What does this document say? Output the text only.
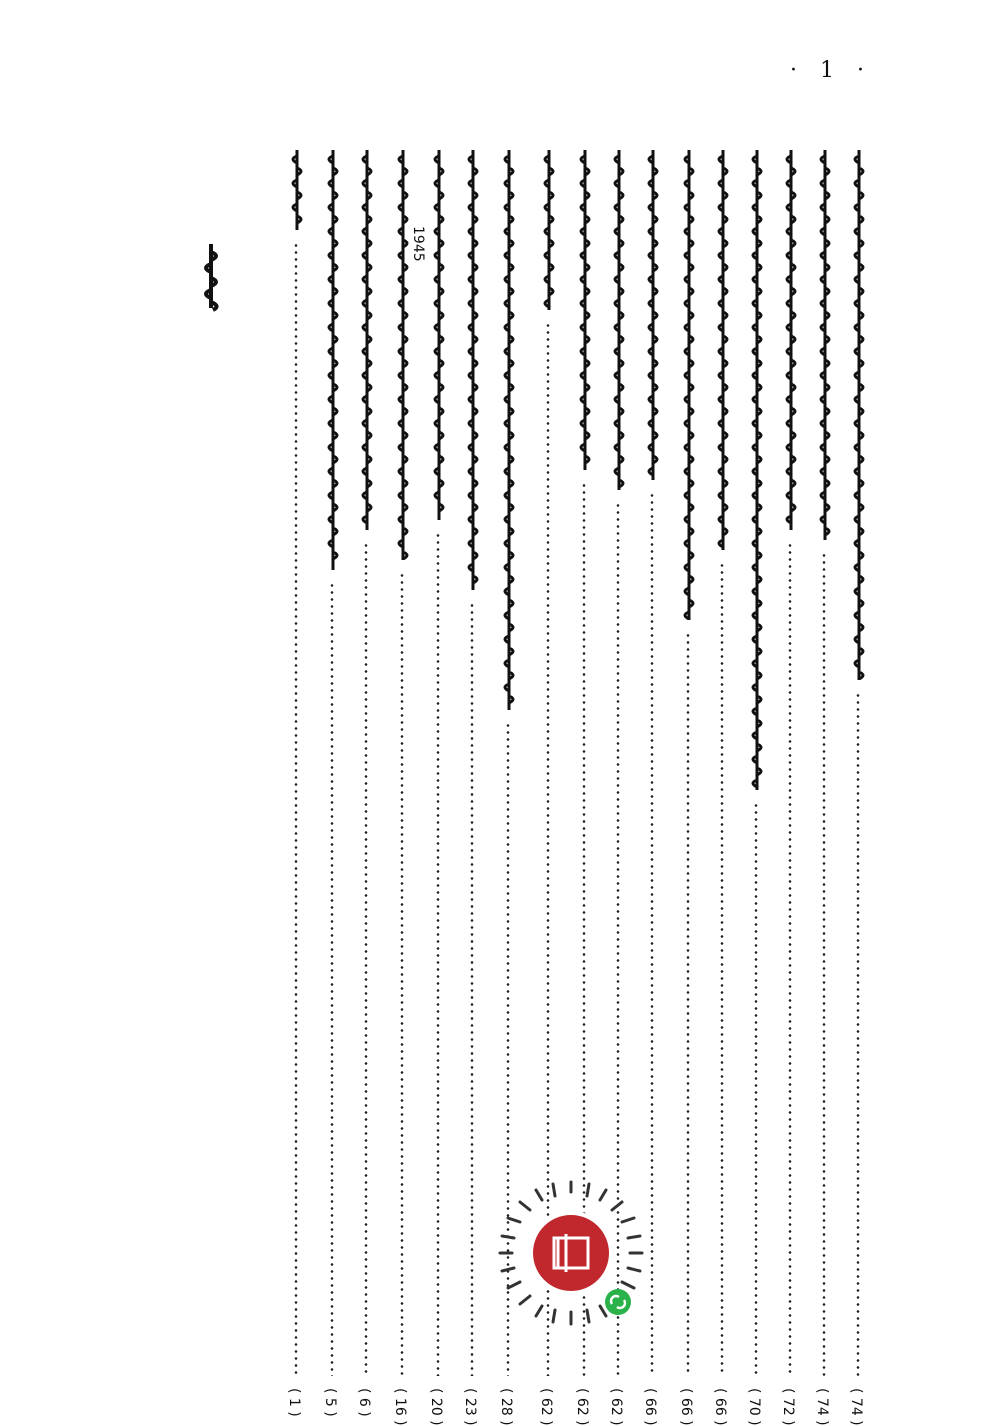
· 1 ·
( 74 )
( 74 )
( 72 )
( 70 )
( 66 )
( 66 )
( 66 )
( 62 )
( 62 )
( 62 )
( 28 )
( 23 )
( 20 )
( 16 )
( 6 )
( 5 )
( 1 )
1945
